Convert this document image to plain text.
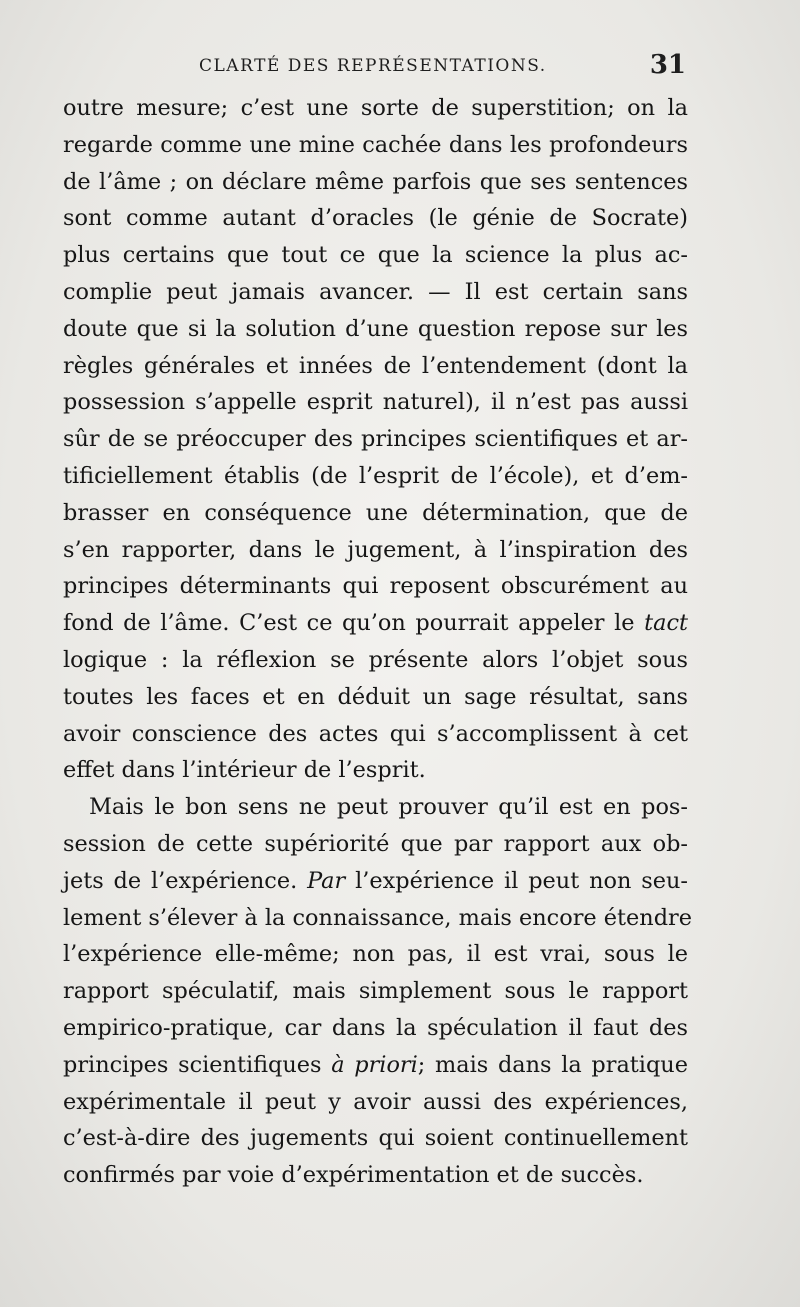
CLARTÉ DES REPRÉSENTATIONS.	31
outre mesure; c’est une sorte de superstition; on la
regarde comme une mine cachée dans les profondeurs
de l’âme ; on déclare même parfois que ses sentences
sont comme autant d’oracles (le génie de Socrate)
plus certains que tout ce que la science la plus ac-
complie peut jamais avancer. — Il est certain sans
doute que si la solution d’une question repose sur les
règles générales et innées de l’entendement (dont la
possession s’appelle esprit naturel), il n’est pas aussi
sûr de se préoccuper des principes scientifiques et ar-
tificiellement établis (de l’esprit de l’école), et d’em-
brasser en conséquence une détermination, que de
s’en rapporter, dans le jugement, à l’inspiration des
principes déterminants qui reposent obscurément au
fond de l’âme. C’est ce qu’on pourrait appeler le tact
logique : la réflexion se présente alors l’objet sous
toutes les faces et en déduit un sage résultat, sans
avoir conscience des actes qui s’accomplissent à cet
effet dans l’intérieur de l’esprit.
Mais le bon sens ne peut prouver qu’il est en pos-
session de cette supériorité que par rapport aux ob-
jets de l’expérience. Par l’expérience il peut non seu-
lement s’élever à la connaissance, mais encore étendre
l’expérience elle-même; non pas, il est vrai, sous le
rapport spéculatif, mais simplement sous le rapport
empirico-pratique, car dans la spéculation il faut des
principes scientifiques à priori; mais dans la pratique
expérimentale il peut y avoir aussi des expériences,
c’est-à-dire des jugements qui soient continuellement
confirmés par voie d’expérimentation et de succès.
